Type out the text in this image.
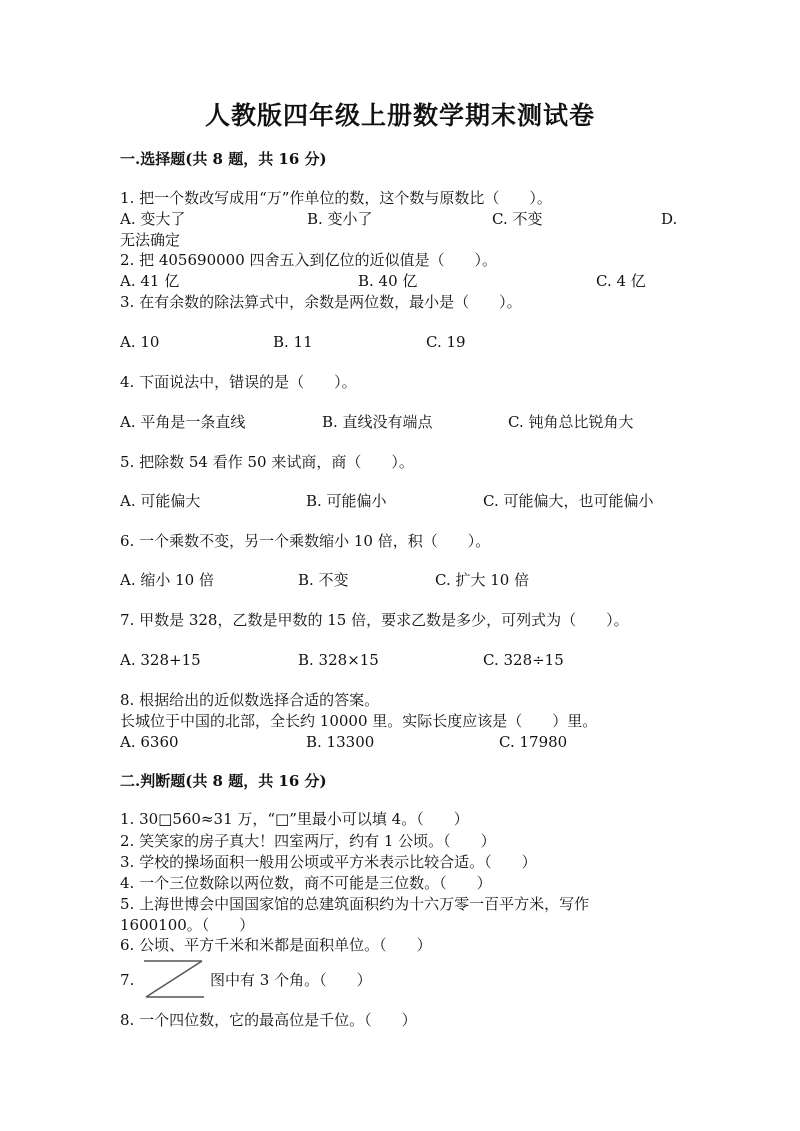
人教版四年级上册数学期末测试卷
一.选择题(共 8 题，共 16 分)
1. 把一个数改写成用“万”作单位的数，这个数与原数比（　　）。
A. 变大了	B. 变小了	C. 不变	D.
无法确定
2. 把 405690000 四舍五入到亿位的近似值是（　　）。
A. 41 亿	B. 40 亿	C. 4 亿
3. 在有余数的除法算式中，余数是两位数，最小是（　　）。
A. 10	B. 11	C. 19
4. 下面说法中，错误的是（　　）。
A. 平角是一条直线	B. 直线没有端点	C. 钝角总比锐角大
5. 把除数 54 看作 50 来试商，商（　　）。
A. 可能偏大	B. 可能偏小	C. 可能偏大，也可能偏小
6. 一个乘数不变，另一个乘数缩小 10 倍，积（　　）。
A. 缩小 10 倍	B. 不变	C. 扩大 10 倍
7. 甲数是 328，乙数是甲数的 15 倍，要求乙数是多少，可列式为（　　）。
A. 328+15	B. 328×15	C. 328÷15
8. 根据给出的近似数选择合适的答案。
长城位于中国的北部，全长约 10000 里。实际长度应该是（　　）里。
A. 6360	B. 13300	C. 17980
二.判断题(共 8 题，共 16 分)
1. 30□560≈31 万，“□”里最小可以填 4。（　　）
2. 笑笑家的房子真大！四室两厅，约有 1 公顷。（　　）
3. 学校的操场面积一般用公顷或平方米表示比较合适。（　　）
4. 一个三位数除以两位数，商不可能是三位数。（　　）
5. 上海世博会中国国家馆的总建筑面积约为十六万零一百平方米，写作
1600100。（　　）
6. 公顷、平方千米和米都是面积单位。（　　）
7.	图中有 3 个角。（　　）
8. 一个四位数，它的最高位是千位。（　　）
